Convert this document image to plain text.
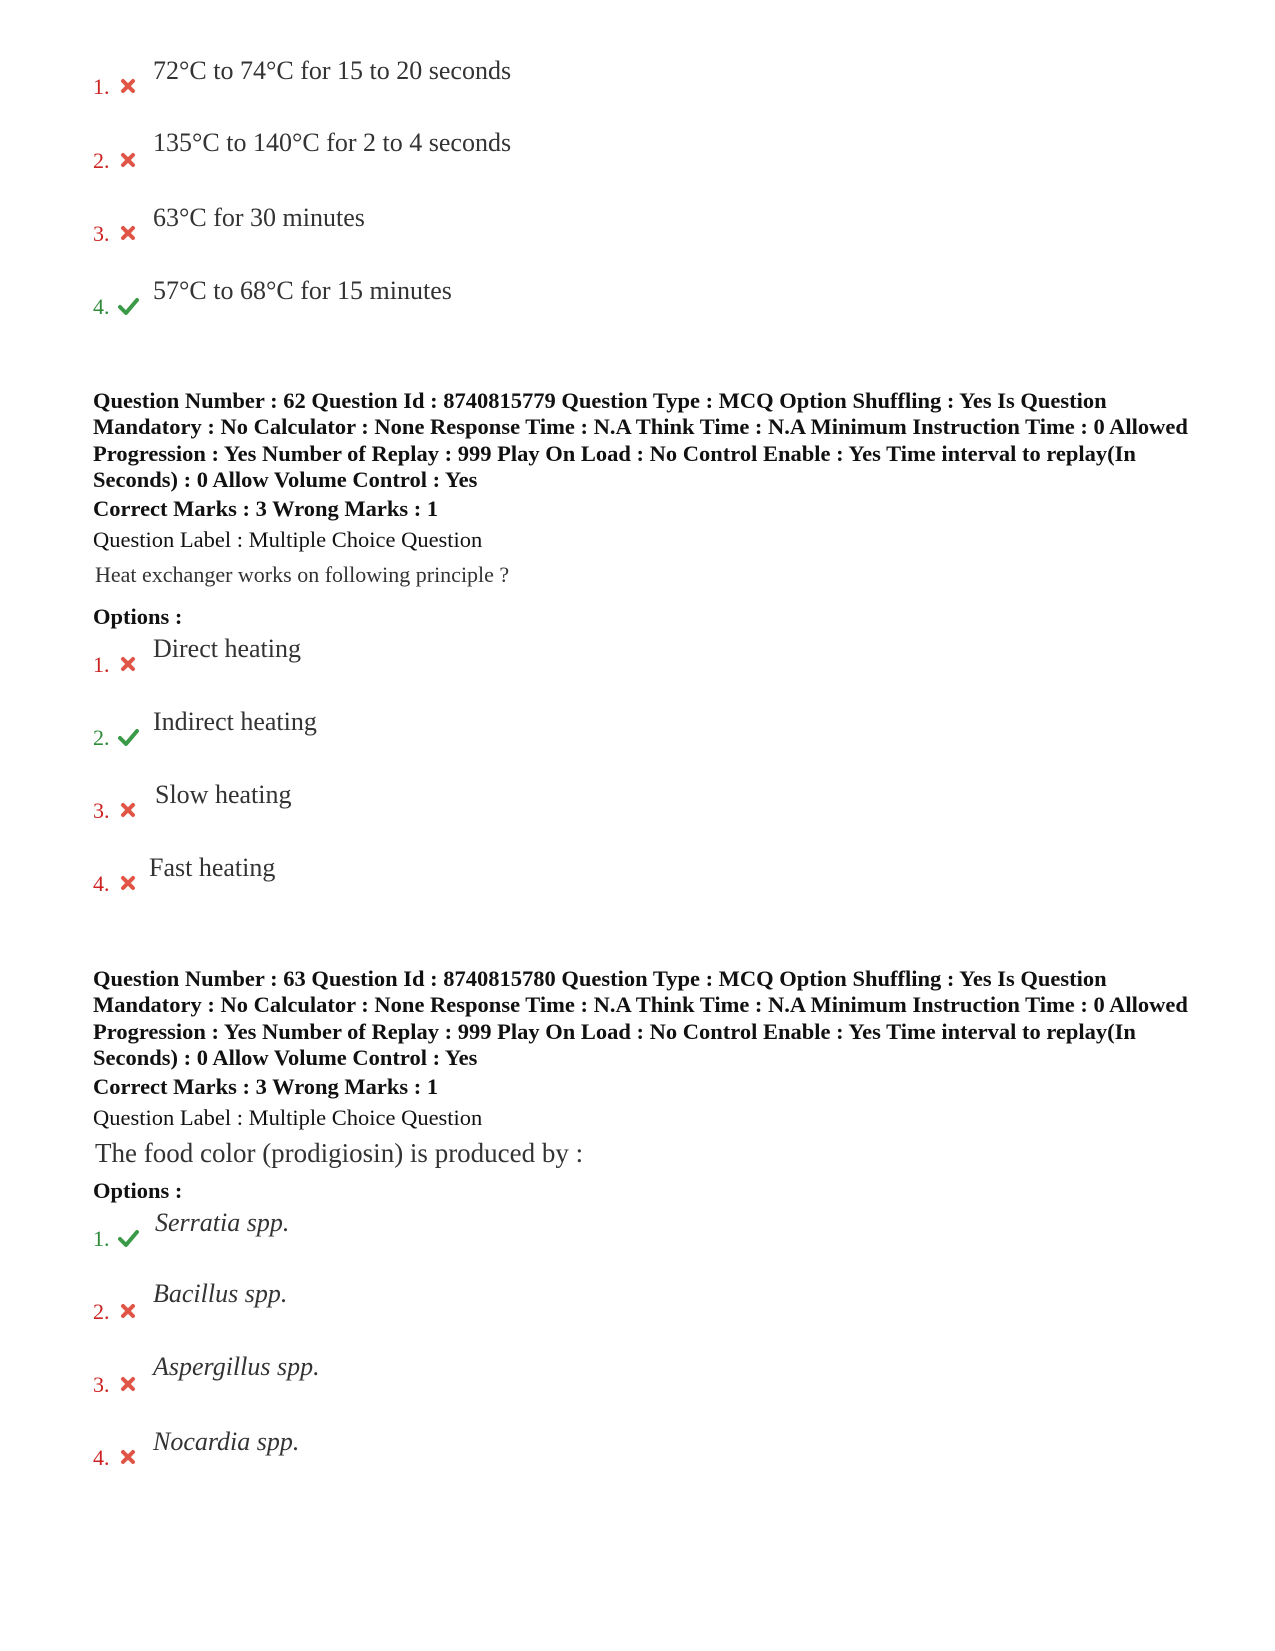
1.
72°C to 74°C for 15 to 20 seconds
2.
135°C to 140°C for 2 to 4 seconds
3.
63°C for 30 minutes
4.
57°C to 68°C for 15 minutes
Question Number : 62 Question Id : 8740815779 Question Type : MCQ Option Shuffling : Yes Is Question Mandatory : No Calculator : None Response Time : N.A Think Time : N.A Minimum Instruction Time : 0 Allowed Progression : Yes Number of Replay : 999 Play On Load : No Control Enable : Yes Time interval to replay(In Seconds) : 0 Allow Volume Control : Yes
Correct Marks : 3 Wrong Marks : 1
Question Label : Multiple Choice Question
Heat exchanger works on following principle ?
Options :
1.
Direct heating
2.
Indirect heating
3.
Slow heating
4.
Fast heating
Question Number : 63 Question Id : 8740815780 Question Type : MCQ Option Shuffling : Yes Is Question Mandatory : No Calculator : None Response Time : N.A Think Time : N.A Minimum Instruction Time : 0 Allowed Progression : Yes Number of Replay : 999 Play On Load : No Control Enable : Yes Time interval to replay(In Seconds) : 0 Allow Volume Control : Yes
Correct Marks : 3 Wrong Marks : 1
Question Label : Multiple Choice Question
The food color (prodigiosin) is produced by :
Options :
1.
Serratia spp.
2.
Bacillus spp.
3.
Aspergillus spp.
4.
Nocardia spp.
